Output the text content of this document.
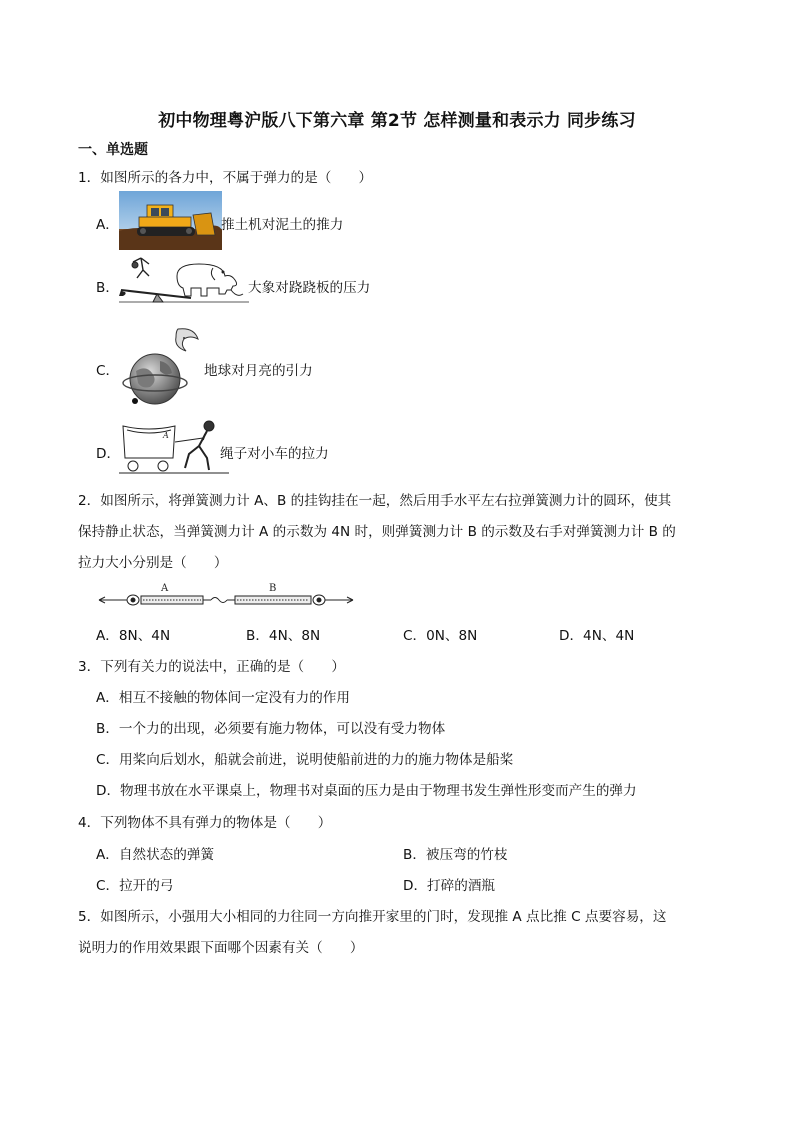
初中物理粤沪版八下第六章 第2节 怎样测量和表示力 同步练习
一、单选题
1．如图所示的各力中，不属于弹力的是（　　）
A．	推土机对泥土的推力
B．	大象对跷跷板的压力
C．	地球对月亮的引力
D．
A
绳子对小车的拉力
2．如图所示，将弹簧测力计 A、B 的挂钩挂在一起，然后用手水平左右拉弹簧测力计的圆环，使其
保持静止状态，当弹簧测力计 A 的示数为 4N 时，则弹簧测力计 B 的示数及右手对弹簧测力计 B 的
拉力大小分别是（　　）
A	B
A．8N、4N	B．4N、8N	C．0N、8N	D．4N、4N
3．下列有关力的说法中，正确的是（　　）
A．相互不接触的物体间一定没有力的作用
B．一个力的出现，必须要有施力物体，可以没有受力物体
C．用桨向后划水，船就会前进，说明使船前进的力的施力物体是船桨
D．物理书放在水平课桌上，物理书对桌面的压力是由于物理书发生弹性形变而产生的弹力
4．下列物体不具有弹力的物体是（　　）
A．自然状态的弹簧	B．被压弯的竹枝
C．拉开的弓	D．打碎的酒瓶
5．如图所示，小强用大小相同的力往同一方向推开家里的门时，发现推 A 点比推 C 点要容易，这
说明力的作用效果跟下面哪个因素有关（　　）
